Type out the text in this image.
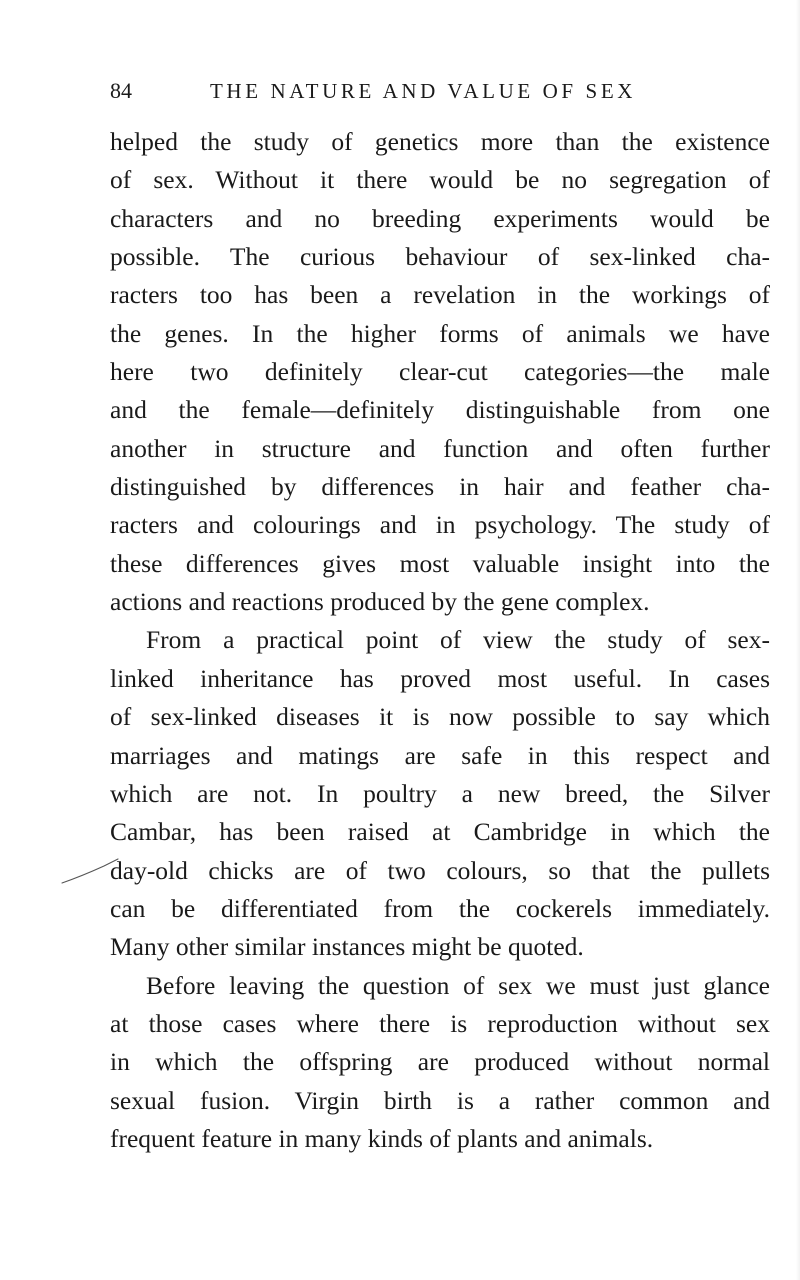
84	THE NATURE AND VALUE OF SEX
helped the study of genetics more than the existence
of sex. Without it there would be no segregation of
characters and no breeding experiments would be
possible. The curious behaviour of sex-linked cha-
racters too has been a revelation in the workings of
the genes. In the higher forms of animals we have
here two definitely clear-cut categories—the male
and the female—definitely distinguishable from one
another in structure and function and often further
distinguished by differences in hair and feather cha-
racters and colourings and in psychology. The study of
these differences gives most valuable insight into the
actions and reactions produced by the gene complex.
From a practical point of view the study of sex-
linked inheritance has proved most useful. In cases
of sex-linked diseases it is now possible to say which
marriages and matings are safe in this respect and
which are not. In poultry a new breed, the Silver
Cambar, has been raised at Cambridge in which the
day-old chicks are of two colours, so that the pullets
can be differentiated from the cockerels immediately.
Many other similar instances might be quoted.
Before leaving the question of sex we must just glance
at those cases where there is reproduction without sex
in which the offspring are produced without normal
sexual fusion. Virgin birth is a rather common and
frequent feature in many kinds of plants and animals.
